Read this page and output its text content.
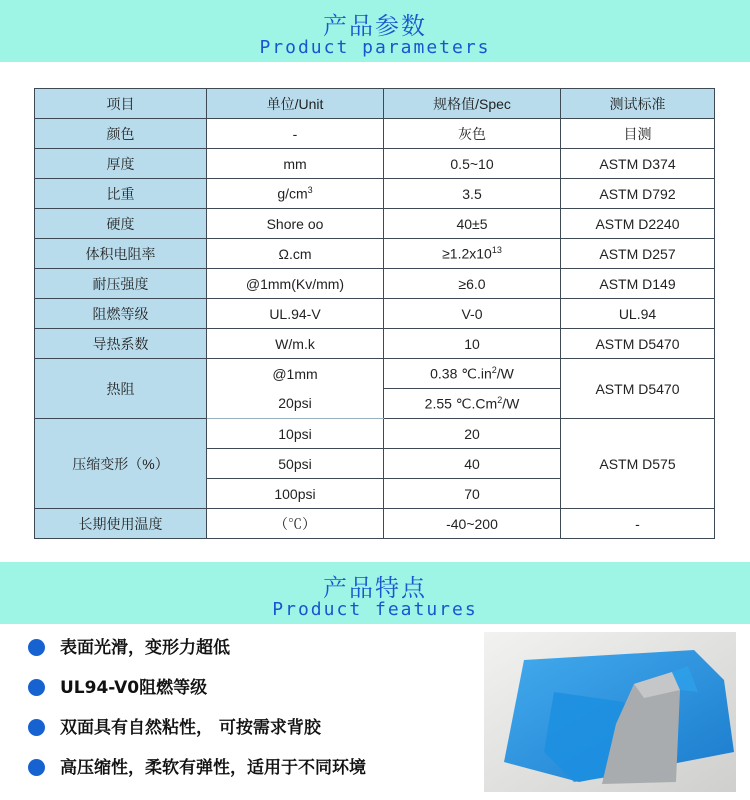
产品参数
Product parameters
项目	单位/Unit	规格值/Spec	测试标准
颜色	-	灰色	目测
厚度	mm	0.5~10	ASTM D374
比重	$g/cm^3$	3.5	ASTM D792
硬度	Shore oo	40±5	ASTM D2240
体积电阻率	Ω.cm	$\ge 1.2x10^{13}$	ASTM D257
耐压强度	@1mm(Kv/mm)	≥6.0	ASTM D149
阻燃等级	UL.94-V	V-0	UL.94
导热系数	W/m.k	10	ASTM D5470
热阻	@1mm	0.38 $℃.in^2/W$	ASTM D5470
	20psi	2.55 ℃.Cm$^2$/W	
压缩变形（%）	10psi	20	ASTM D575
	50psi	40	
	100psi	70	
长期使用温度	（℃）	-40~200	-
产品特点
Product features
表面光滑，变形力超低
UL94-V0阻燃等级
双面具有自然粘性， 可按需求背胶
高压缩性，柔软有弹性，适用于不同环境
